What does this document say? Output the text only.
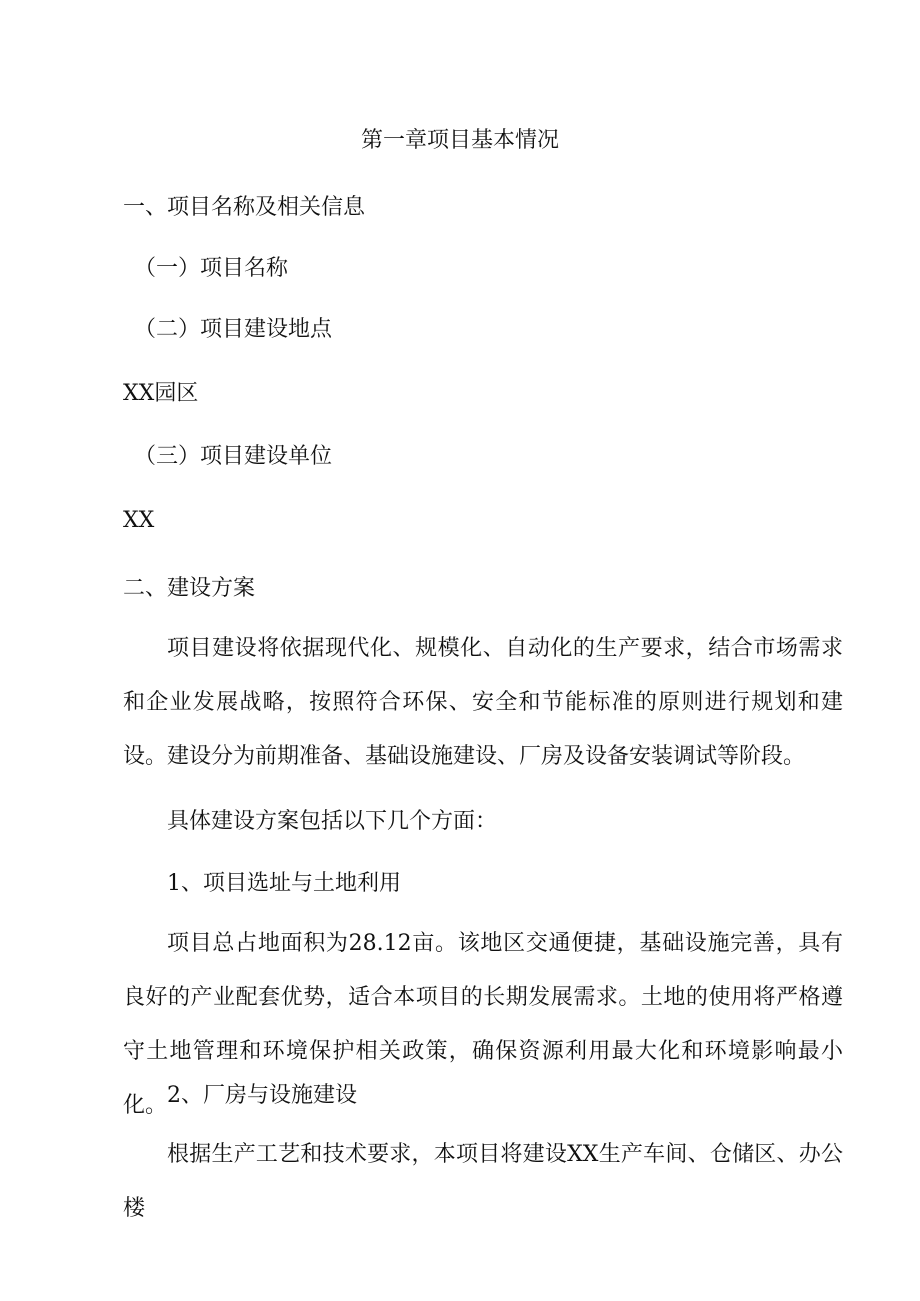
第一章项目基本情况

一、项目名称及相关信息

（一）项目名称

（二）项目建设地点

XX园区

（三）项目建设单位

XX

二、建设方案

项目建设将依据现代化、规模化、自动化的生产要求，结合市场需求和企业发展战略，按照符合环保、安全和节能标准的原则进行规划和建设。建设分为前期准备、基础设施建设、厂房及设备安装调试等阶段。

具体建设方案包括以下几个方面：

1、项目选址与土地利用

项目总占地面积为28.12亩。该地区交通便捷，基础设施完善，具有良好的产业配套优势，适合本项目的长期发展需求。土地的使用将严格遵守土地管理和环境保护相关政策，确保资源利用最大化和环境影响最小化。 2、厂房与设施建设

根据生产工艺和技术要求，本项目将建设XX生产车间、仓储区、办公楼
